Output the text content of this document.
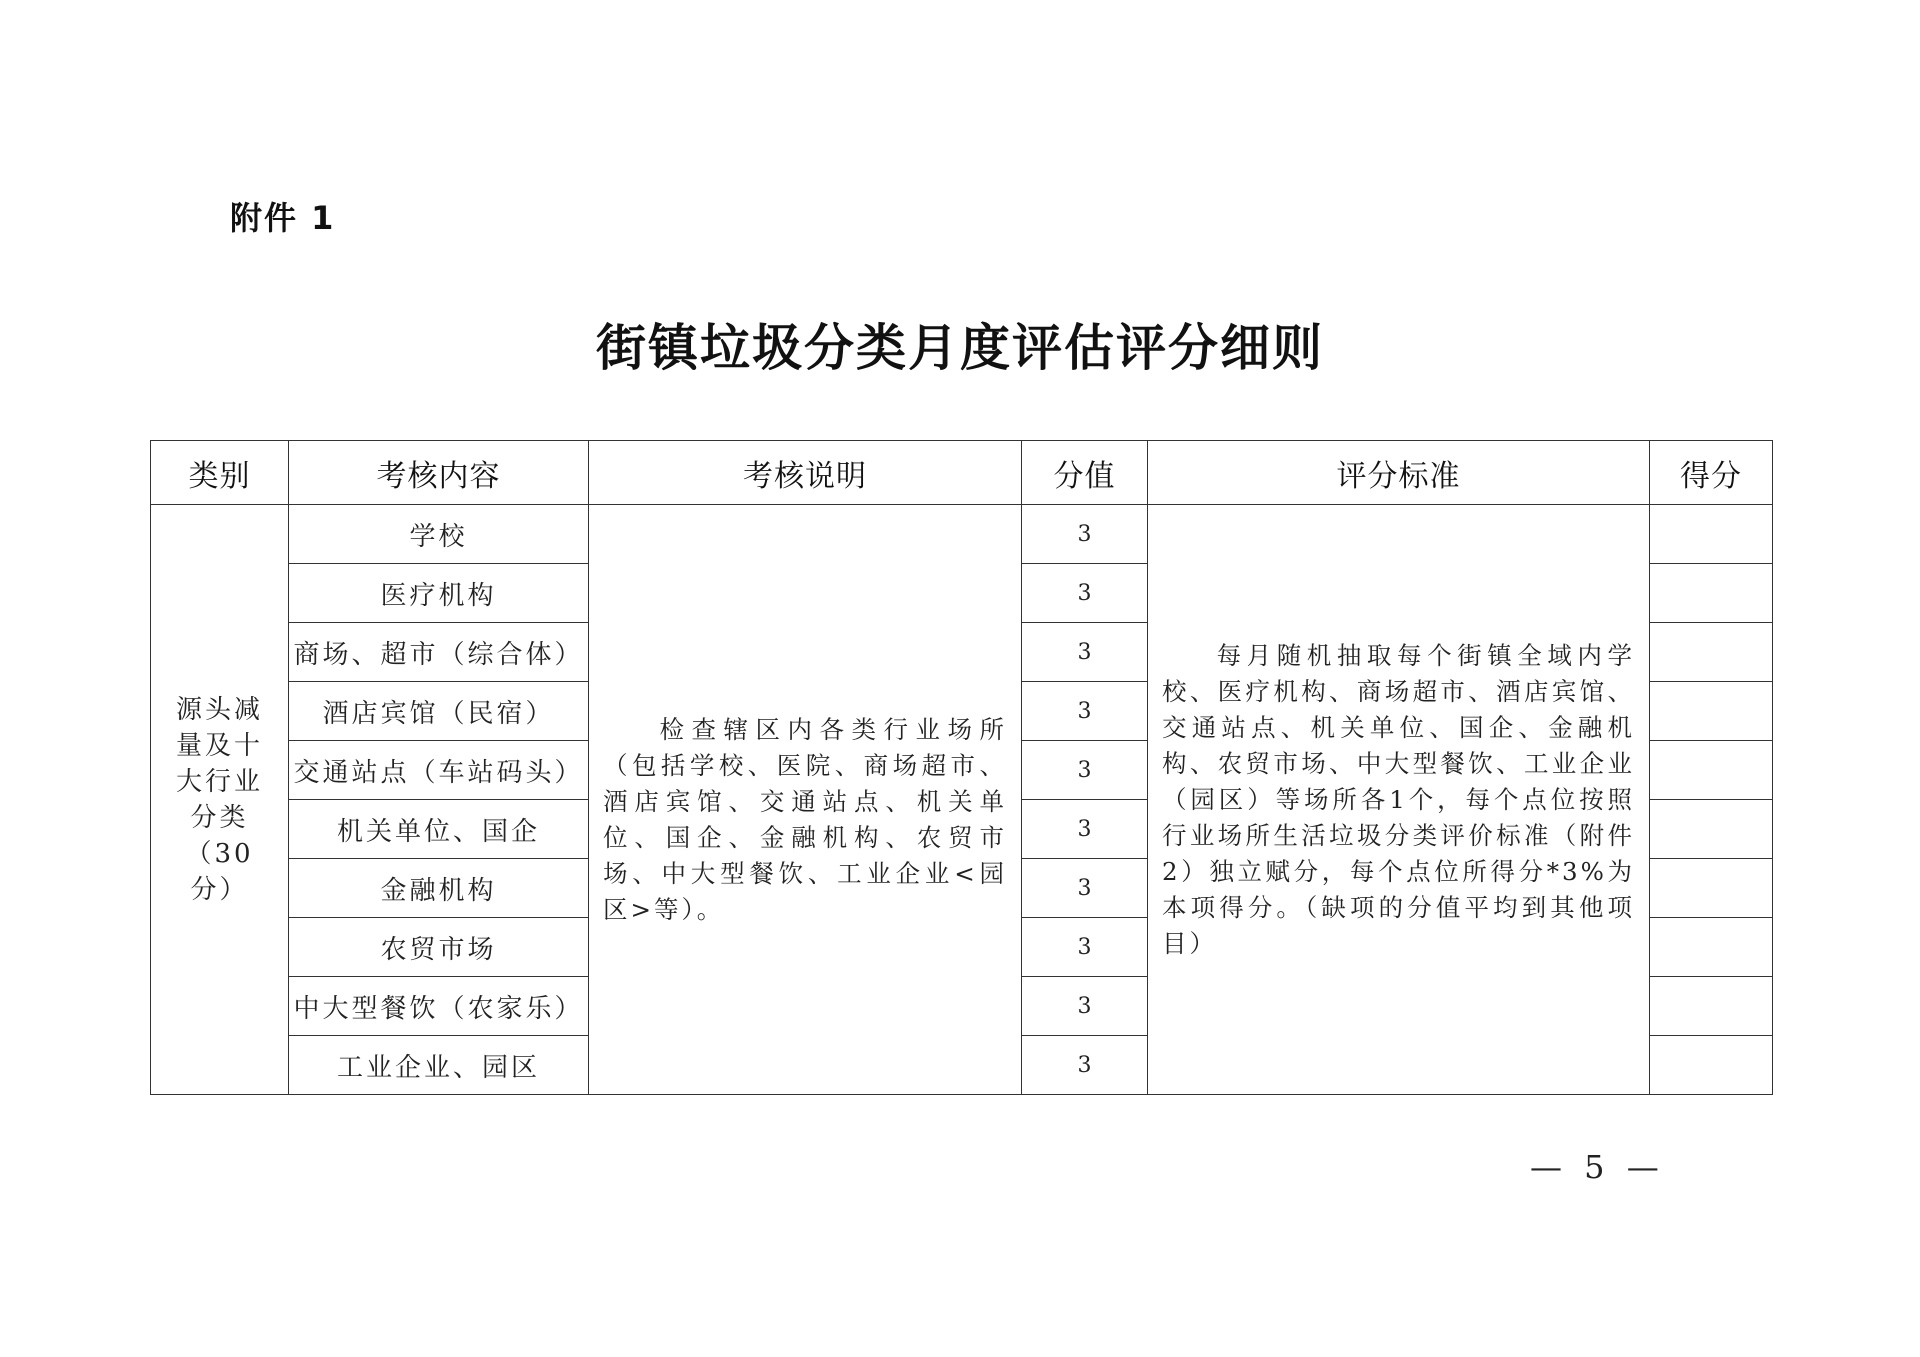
附件 1
街镇垃圾分类月度评估评分细则
类别	考核内容	考核说明	分值	评分标准	得分

源头减量及十大行业分类（30分）	学校	检查辖区内各类行业场所（包括学校、医院、商场超市、酒店宾馆、交通站点、机关单位、国企、金融机构、农贸市场、中大型餐饮、工业企业<园区>等）。	3	每月随机抽取每个街镇全域内学校、医疗机构、商场超市、酒店宾馆、交通站点、机关单位、国企、金融机构、农贸市场、中大型餐饮、工业企业（园区）等场所各1个，每个点位按照行业场所生活垃圾分类评价标准（附件2）独立赋分，每个点位所得分*3%为本项得分。（缺项的分值平均到其他项目）	

	医疗机构		3		
	商场、超市（综合体）		3		
	酒店宾馆（民宿）		3		
	交通站点（车站码头）		3		
	机关单位、国企		3		
	金融机构		3		
	农贸市场		3		
	中大型餐饮（农家乐）		3		
	工业企业、园区		3		
— 5 —
